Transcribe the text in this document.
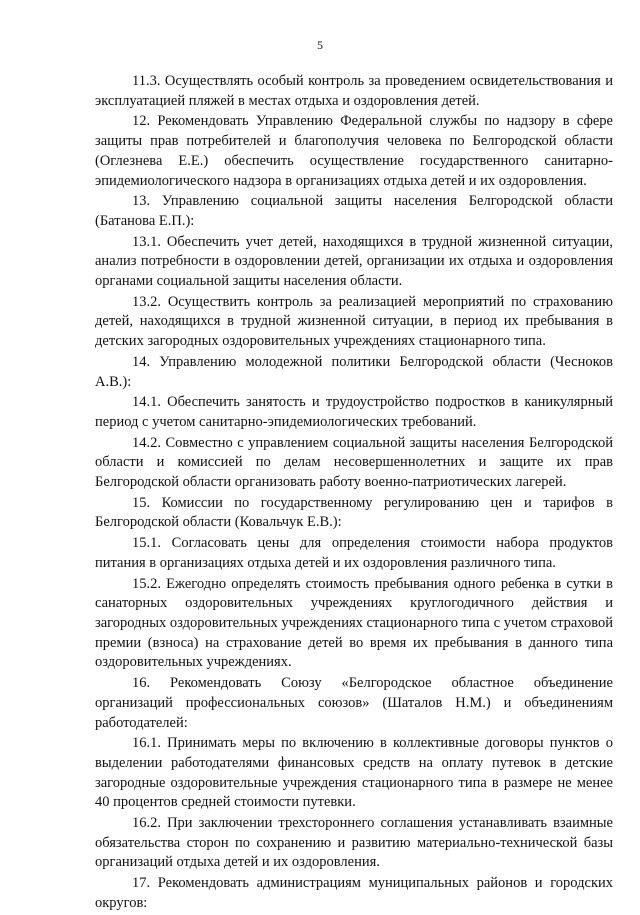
5

11.3. Осуществлять особый контроль за проведением освидетельствования и эксплуатацией пляжей в местах отдыха и оздоровления детей.

12. Рекомендовать Управлению Федеральной службы по надзору в сфере защиты прав потребителей и благополучия человека по Белгородской области (Оглезнева Е.Е.) обеспечить осуществление государственного санитарно-эпидемиологического надзора в организациях отдыха детей и их оздоровления.

13. Управлению социальной защиты населения Белгородской области (Батанова Е.П.):

13.1. Обеспечить учет детей, находящихся в трудной жизненной ситуации, анализ потребности в оздоровлении детей, организации их отдыха и оздоровления органами социальной защиты населения области.

13.2. Осуществить контроль за реализацией мероприятий по страхованию детей, находящихся в трудной жизненной ситуации, в период их пребывания в детских загородных оздоровительных учреждениях стационарного типа.

14. Управлению молодежной политики Белгородской области (Чесноков А.В.):

14.1. Обеспечить занятость и трудоустройство подростков в каникулярный период с учетом санитарно-эпидемиологических требований.

14.2. Совместно с управлением социальной защиты населения Белгородской области и комиссией по делам несовершеннолетних и защите их прав Белгородской области организовать работу военно-патриотических лагерей.

15. Комиссии по государственному регулированию цен и тарифов в Белгородской области (Ковальчук Е.В.):

15.1. Согласовать цены для определения стоимости набора продуктов питания в организациях отдыха детей и их оздоровления различного типа.

15.2. Ежегодно определять стоимость пребывания одного ребенка в сутки в санаторных оздоровительных учреждениях круглогодичного действия и загородных оздоровительных учреждениях стационарного типа с учетом страховой премии (взноса) на страхование детей во время их пребывания в данного типа оздоровительных учреждениях.

16. Рекомендовать Союзу «Белгородское областное объединение организаций профессиональных союзов» (Шаталов Н.М.) и объединениям работодателей:

16.1. Принимать меры по включению в коллективные договоры пунктов о выделении работодателями финансовых средств на оплату путевок в детские загородные оздоровительные учреждения стационарного типа в размере не менее 40 процентов средней стоимости путевки.

16.2. При заключении трехстороннего соглашения устанавливать взаимные обязательства сторон по сохранению и развитию материально-технической базы организаций отдыха детей и их оздоровления.

17. Рекомендовать администрациям муниципальных районов и городских округов:
